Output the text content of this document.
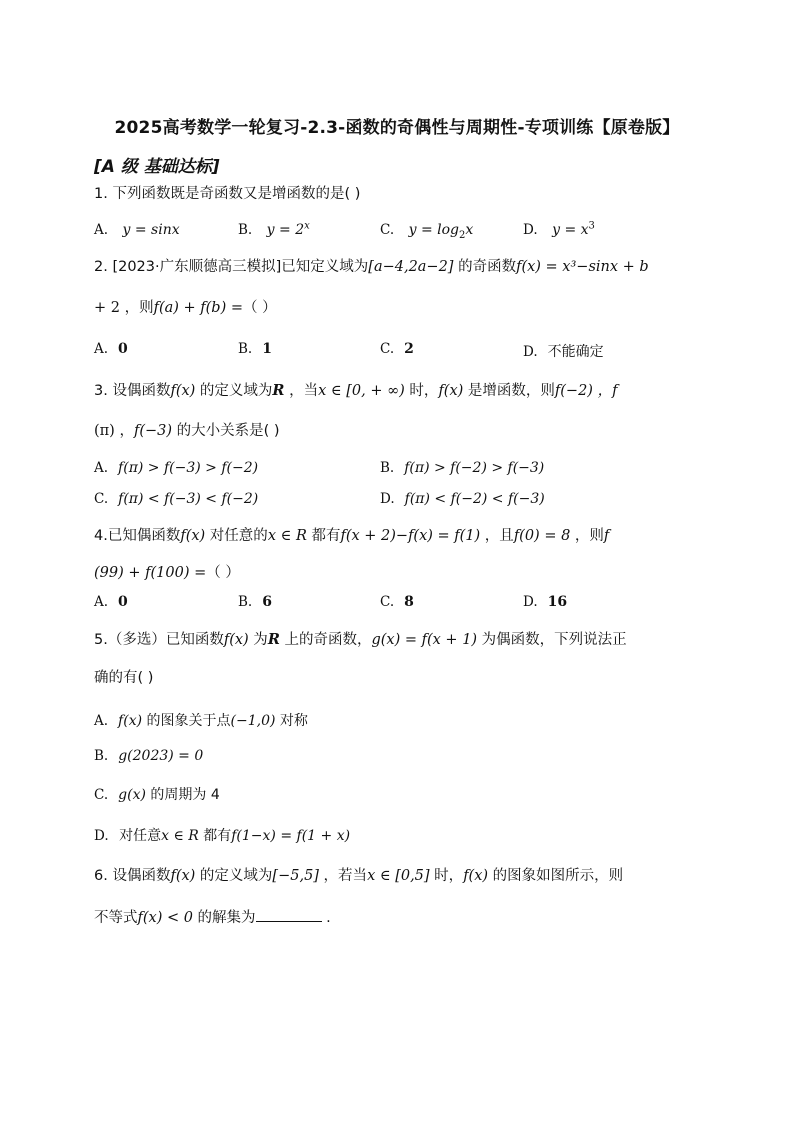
2025高考数学一轮复习-2.3-函数的奇偶性与周期性-专项训练【原卷版】
[A 级 基础达标]
1. 下列函数既是奇函数又是增函数的是( )
A. y = sinx	B. $y = 2^x$	C. $y = \log_2x$	D. $y = x^3$
2. [2023·广东顺德高三模拟]已知定义域为[a−4,2a−2] 的奇函数f(x) = x³−sinx + b
+ 2 ，则f(a) + f(b) =（ ）
A. 0	B. 1	C. 2	D. 不能确定
3. 设偶函数f(x) 的定义域为R ，当x ∈ [0, + ∞) 时，f(x) 是增函数，则f(−2) ，f
(π) ，f(−3) 的大小关系是( )
A. f(π) > f(−3) > f(−2)	B. f(π) > f(−2) > f(−3)
C. f(π) < f(−3) < f(−2)	D. f(π) < f(−2) < f(−3)
4.已知偶函数f(x) 对任意的x ∈ R 都有f(x + 2)−f(x) = f(1) ，且f(0) = 8 ，则f
(99) + f(100) =（ ）
A. 0	B. 6	C. 8	D. 16
5.（多选）已知函数f(x) 为R 上的奇函数，g(x) = f(x + 1) 为偶函数，下列说法正
确的有( )
A. f(x) 的图象关于点(−1,0) 对称
B. g(2023) = 0
C. g(x) 的周期为 4
D. 对任意x ∈ R 都有f(1−x) = f(1 + x)
6. 设偶函数f(x) 的定义域为[−5,5] ，若当x ∈ [0,5] 时，f(x) 的图象如图所示，则
不等式f(x) < 0 的解集为	.
